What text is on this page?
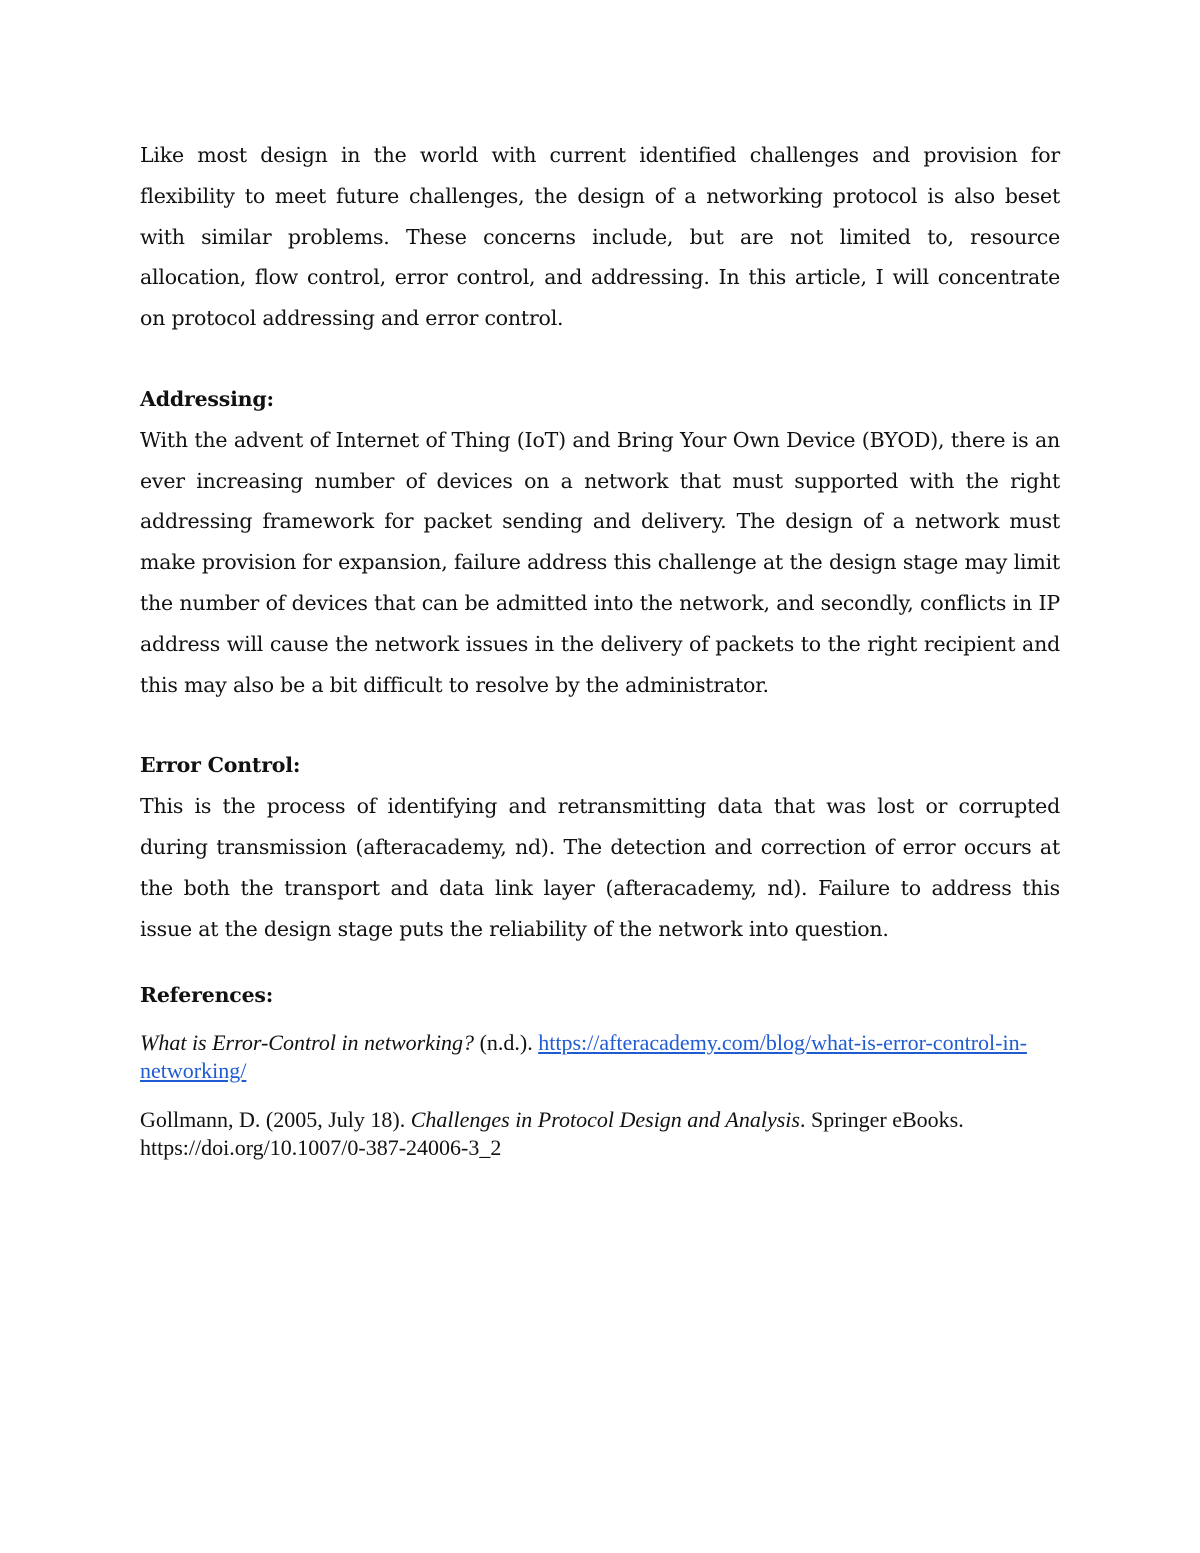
Like most design in the world with current identified challenges and provision for flexibility to meet future challenges, the design of a networking protocol is also beset with similar problems. These concerns include, but are not limited to, resource allocation, flow control, error control, and addressing. In this article, I will concentrate on protocol addressing and error control.

Addressing:

With the advent of Internet of Thing (IoT) and Bring Your Own Device (BYOD), there is an ever increasing number of devices on a network that must supported with the right addressing framework for packet sending and delivery. The design of a network must make provision for expansion, failure address this challenge at the design stage may limit the number of devices that can be admitted into the network, and secondly, conflicts in IP address will cause the network issues in the delivery of packets to the right recipient and this may also be a bit difficult to resolve by the administrator.

Error Control:

This is the process of identifying and retransmitting data that was lost or corrupted during transmission (afteracademy, nd). The detection and correction of error occurs at the both the transport and data link layer (afteracademy, nd). Failure to address this issue at the design stage puts the reliability of the network into question.

References:

What is Error-Control in networking? (n.d.). https://afteracademy.com/blog/what-is-error-control-in-networking/

Gollmann, D. (2005, July 18). Challenges in Protocol Design and Analysis. Springer eBooks. https://doi.org/10.1007/0-387-24006-3_2
